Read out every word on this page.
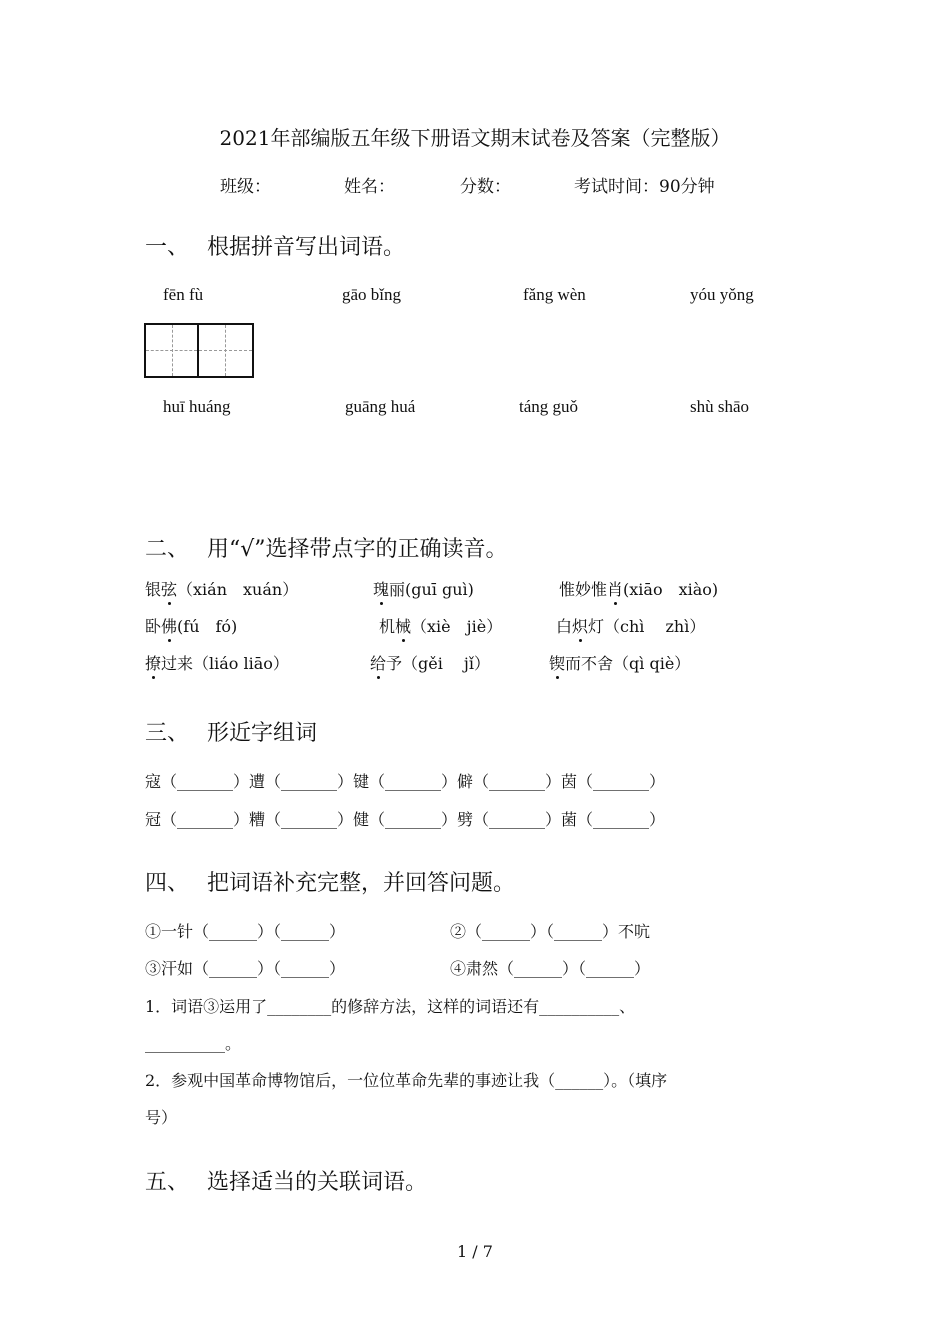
2021年部编版五年级下册语文期末试卷及答案（完整版）
班级：	姓名：	分数：	考试时间：90分钟
一、 根据拼音写出词语。
fēn fù	gāo bǐng	fǎng wèn	yóu yǒng
huī huáng	guāng huá	táng guǒ	shù shāo
二、 用“√”选择带点字的正确读音。
银弦（xián　xuán）	瑰丽(guī guì)	惟妙惟肖(xiāo　xiào)
卧佛(fú　fó)	机械（xiè　jiè）	白炽灯（chì　 zhì）
撩过来（liáo liāo）	给予（gěi　 jǐ）	锲而不舍（qì qiè）
三、 形近字组词
寇（_______）遭（_______）键（_______）僻（_______）茵（_______）
冠（_______）糟（_______）健（_______）劈（_______）菌（_______）
四、 把词语补充完整，并回答问题。
①一针（______）（______）	②（______）（______）不吭
③汗如（______）（______）	④肃然（______）（______）
1．词语③运用了________的修辞方法，这样的词语还有__________、
__________。
2．参观中国革命博物馆后，一位位革命先辈的事迹让我（______）。（填序
号）
五、 选择适当的关联词语。
1 / 7
